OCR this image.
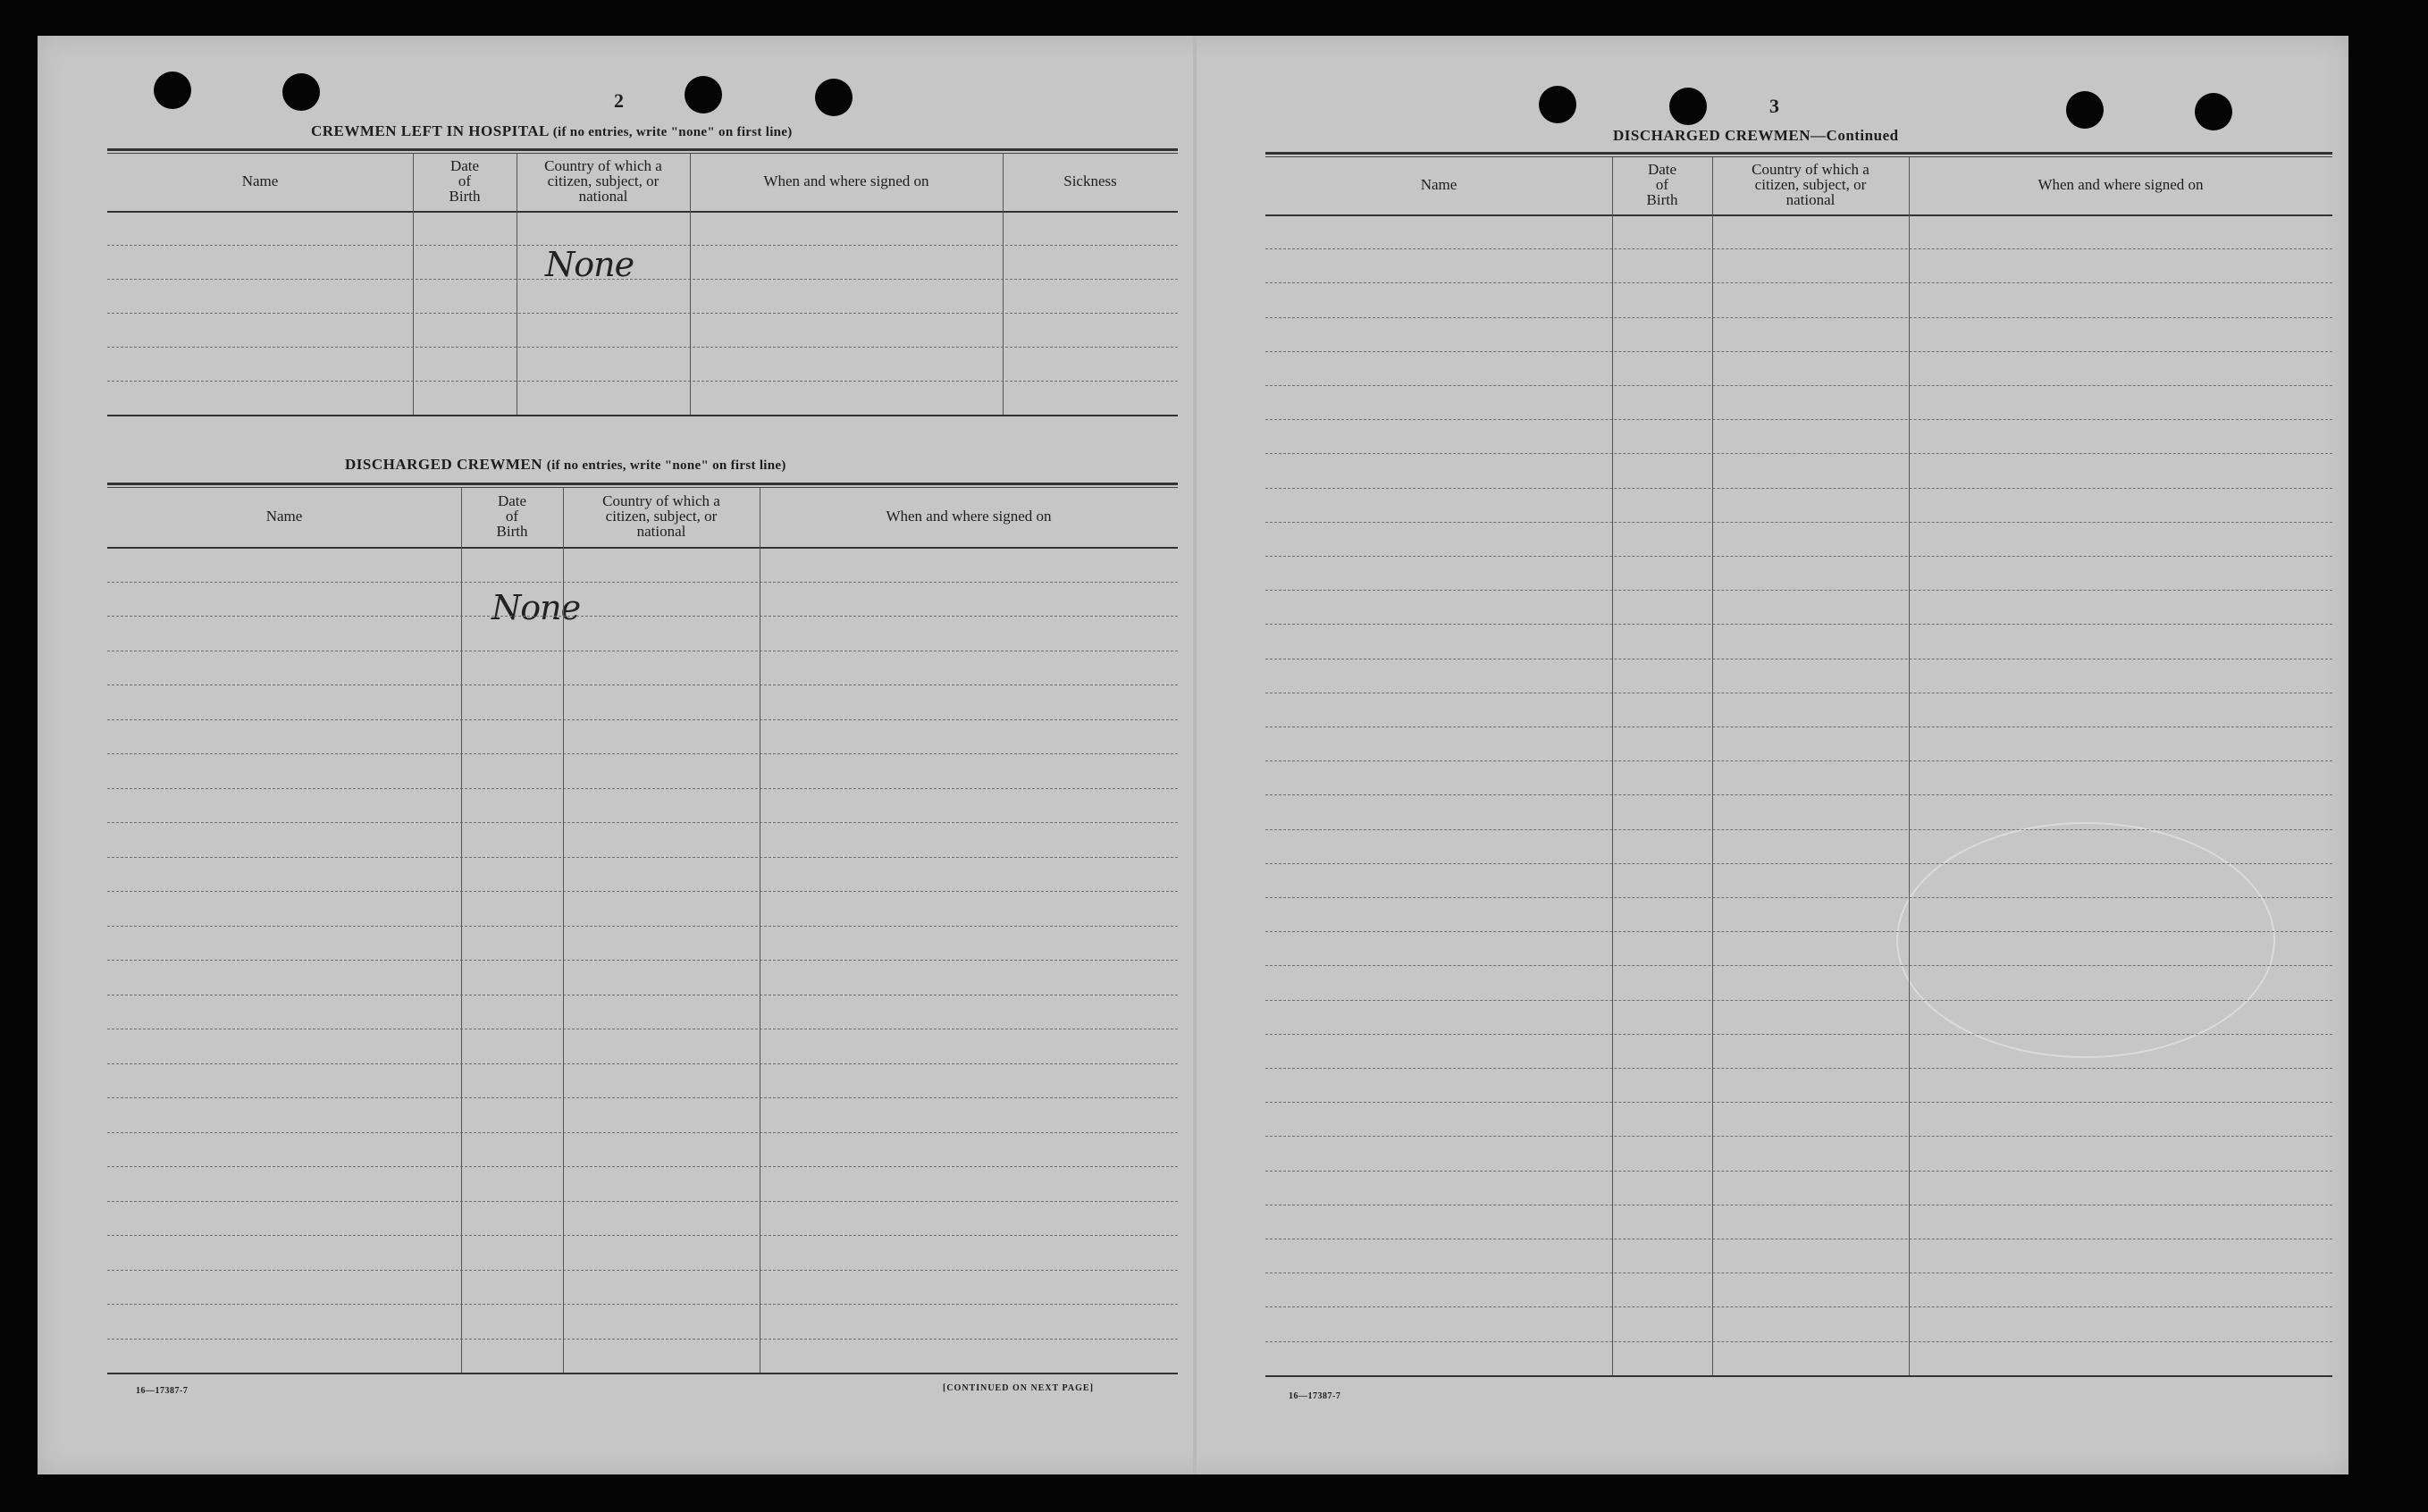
2
CREWMEN LEFT IN HOSPITAL (if no entries, write "none" on first line)
None
Name
Date
of
Birth
Country of which a
citizen, subject, or
national
When and where signed on	Sickness
DISCHARGED CREWMEN (if no entries, write "none" on first line)
None
Name
Date
of
Birth
Country of which a
citizen, subject, or
national
When and where signed on
16—17387-7	[CONTINUED ON NEXT PAGE]
3
DISCHARGED CREWMEN—Continued
Name
Date
of
Birth
Country of which a
citizen, subject, or
national
When and where signed on
16—17387-7
